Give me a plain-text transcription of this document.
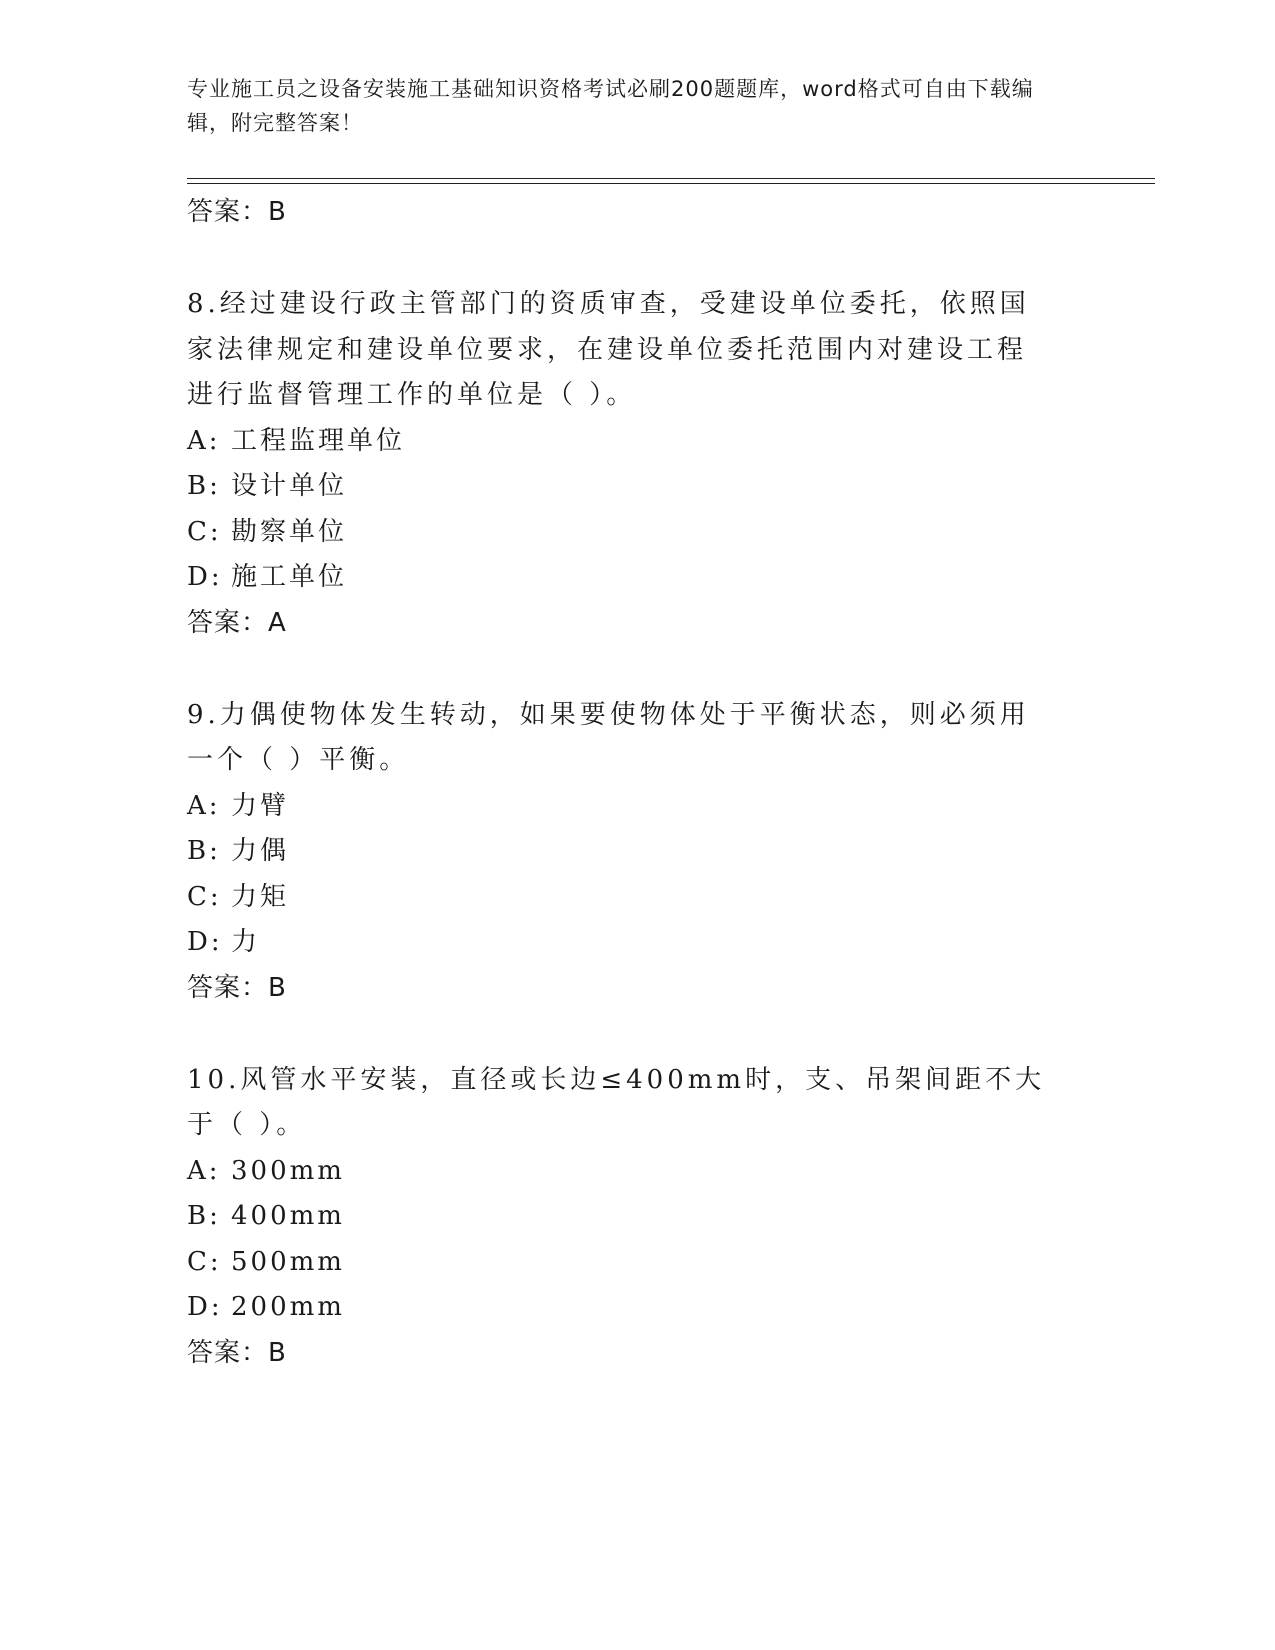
专业施工员之设备安装施工基础知识资格考试必刷200题题库，word格式可自由下载编辑，附完整答案！
答案：B

8.经过建设行政主管部门的资质审查，受建设单位委托，依照国家法律规定和建设单位要求，在建设单位委托范围内对建设工程进行监督管理工作的单位是（ ）。

A: 工程监理单位
B: 设计单位
C: 勘察单位
D: 施工单位
答案：A

9.力偶使物体发生转动，如果要使物体处于平衡状态，则必须用一个（ ）平衡。

A: 力臂
B: 力偶
C: 力矩
D: 力
答案：B

10.风管水平安装，直径或长边≤400mm时，支、吊架间距不大于（ ）。

A: 300mm
B: 400mm
C: 500mm
D: 200mm
答案：B
